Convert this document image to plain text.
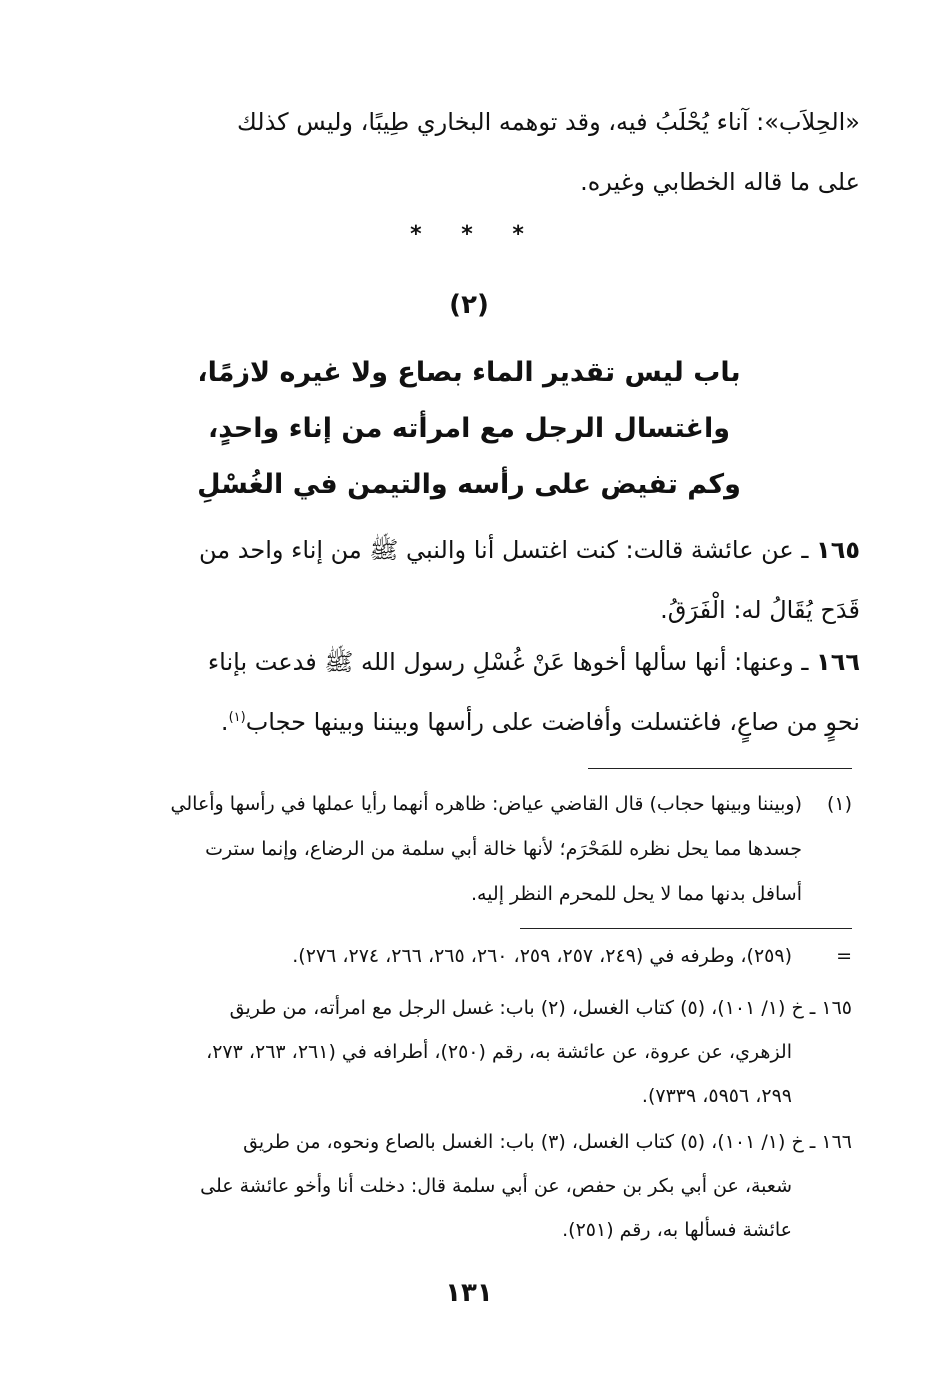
«الحِلاَب»: آناء يُحْلَبُ فيه، وقد توهمه البخاري طِيبًا، وليس كذلك
على ما قاله الخطابي وغيره.
* * *
(٢)
باب ليس تقدير الماء بصاع ولا غيره لازمًا،
واغتسال الرجل مع امرأته من إناء واحدٍ،
وكم تفيض على رأسه والتيمن في الغُسْلِ
١٦٥ ـ عن عائشة قالت: كنت اغتسل أنا والنبي ﷺ من إناء واحد من
قَدَح يُقَالُ له: الْفَرَقُ.
١٦٦ ـ وعنها: أنها سألها أخوها عَنْ غُسْلِ رسول الله ﷺ فدعت بإناء
نحوٍ من صاعٍ، فاغتسلت وأفاضت على رأسها وبيننا وبينها حجاب$^{(١)}$.
(١)(وبيننا وبينها حجاب) قال القاضي عياض: ظاهره أنهما رأيا عملها في رأسها وأعالي
جسدها مما يحل نظره للمَحْرَم؛ لأنها خالة أبي سلمة من الرضاع، وإنما سترت
أسافل بدنها مما لا يحل للمحرم النظر إليه.
=(٢٥٩)، وطرفه في (٢٤٩، ٢٥٧، ٢٥٩، ٢٦٠، ٢٦٥، ٢٦٦، ٢٧٤، ٢٧٦).
١٦٥ ـ خ (١/ ١٠١)، (٥) كتاب الغسل، (٢) باب: غسل الرجل مع امرأته، من طريق
الزهري، عن عروة، عن عائشة به، رقم (٢٥٠)، أطرافه في (٢٦١، ٢٦٣، ٢٧٣،
٢٩٩، ٥٩٥٦، ٧٣٣٩).
١٦٦ ـ خ (١/ ١٠١)، (٥) كتاب الغسل، (٣) باب: الغسل بالصاع ونحوه، من طريق
شعبة، عن أبي بكر بن حفص، عن أبي سلمة قال: دخلت أنا وأخو عائشة على
عائشة فسألها به، رقم (٢٥١).
١٣١
